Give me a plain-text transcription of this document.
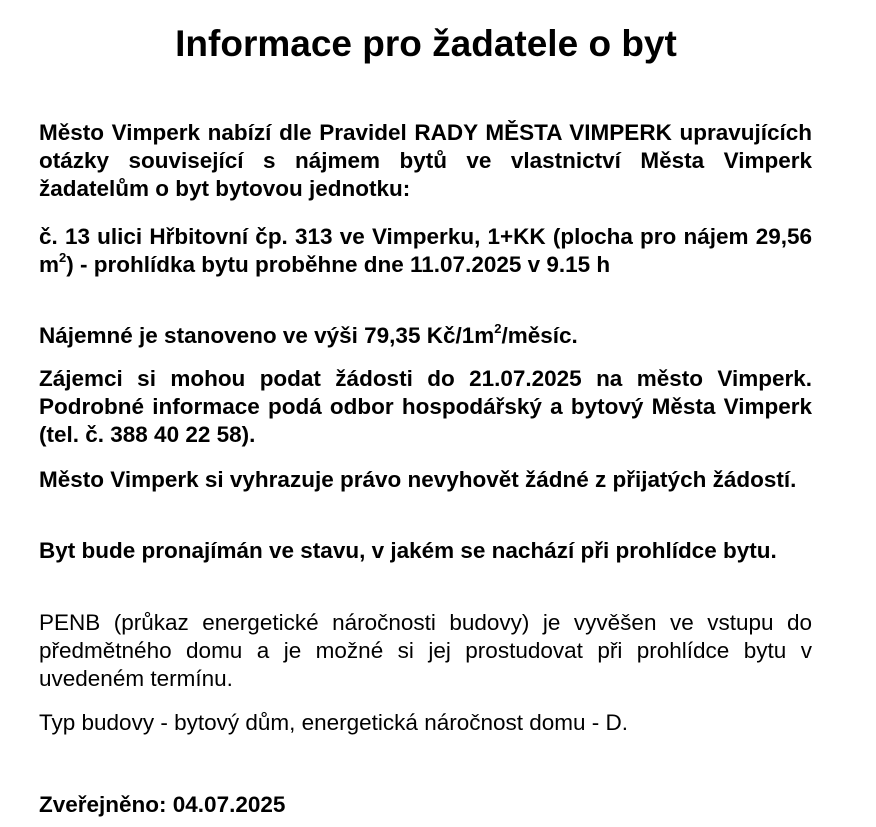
Informace pro žadatele o byt
Město Vimperk nabízí dle Pravidel RADY MĚSTA VIMPERK upravujících otázky související s nájmem bytů ve vlastnictví Města Vimperk žadatelům o byt bytovou jednotku:
č. 13 ulici Hřbitovní čp. 313 ve Vimperku, 1+KK (plocha pro nájem 29,56 $m^2$) - prohlídka bytu proběhne dne 11.07.2025 v 9.15 h
Nájemné je stanoveno ve výši 79,35 $Kč/1m^2$/měsíc.
Zájemci si mohou podat žádosti do 21.07.2025 na město Vimperk. Podrobné informace podá odbor hospodářský a bytový Města Vimperk (tel. č. 388 40 22 58).
Město Vimperk si vyhrazuje právo nevyhovět žádné z přijatých žádostí.
Byt bude pronajímán ve stavu, v jakém se nachází při prohlídce bytu.
PENB (průkaz energetické náročnosti budovy) je vyvěšen ve vstupu do předmětného domu a je možné si jej prostudovat při prohlídce bytu v uvedeném termínu.
Typ budovy - bytový dům, energetická náročnost domu - D.
Zveřejněno: 04.07.2025
